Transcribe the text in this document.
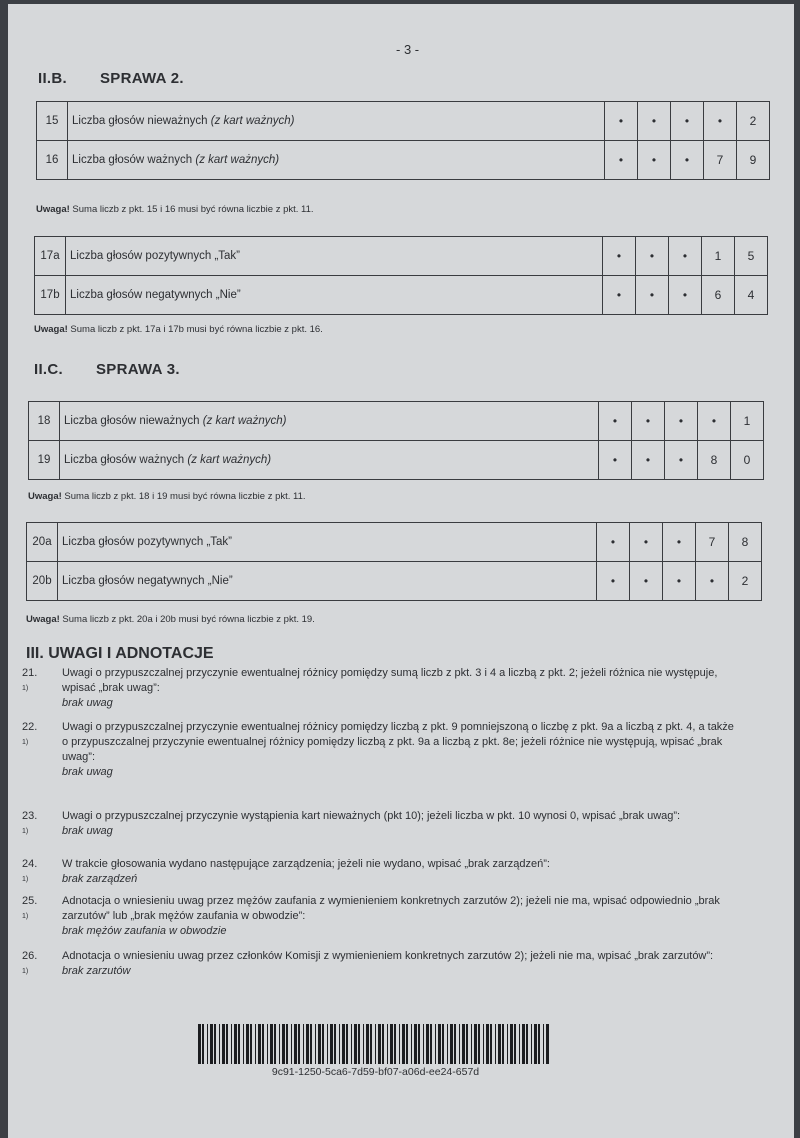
- 3 -
II.B. SPRAWA 2.
15	Liczba głosów nieważnych (z kart ważnych)	•	•	•	•	2
16	Liczba głosów ważnych (z kart ważnych)	•	•	•	7	9
Uwaga! Suma liczb z pkt. 15 i 16 musi być równa liczbie z pkt. 11.
17a	Liczba głosów pozytywnych „Tak”	•	•	•	1	5
17b	Liczba głosów negatywnych „Nie”	•	•	•	6	4
Uwaga! Suma liczb z pkt. 17a i 17b musi być równa liczbie z pkt. 16.
II.C. SPRAWA 3.
18	Liczba głosów nieważnych (z kart ważnych)	•	•	•	•	1
19	Liczba głosów ważnych (z kart ważnych)	•	•	•	8	0
Uwaga! Suma liczb z pkt. 18 i 19 musi być równa liczbie z pkt. 11.
20a	Liczba głosów pozytywnych „Tak”	•	•	•	7	8
20b	Liczba głosów negatywnych „Nie”	•	•	•	•	2
Uwaga! Suma liczb z pkt. 20a i 20b musi być równa liczbie z pkt. 19.
III. UWAGI I ADNOTACJE
21. $^{1)}$
Uwagi o przypuszczalnej przyczynie ewentualnej różnicy pomiędzy sumą liczb z pkt. 3 i 4 a liczbą z pkt. 2; jeżeli różnica nie występuje, wpisać „brak uwag”:
brak uwag
22. $^{1)}$
Uwagi o przypuszczalnej przyczynie ewentualnej różnicy pomiędzy liczbą z pkt. 9 pomniejszoną o liczbę z pkt. 9a a liczbą z pkt. 4, a także o przypuszczalnej przyczynie ewentualnej różnicy pomiędzy liczbą z pkt. 9a a liczbą z pkt. 8e; jeżeli różnice nie występują, wpisać „brak uwag”:
brak uwag
23. $^{1)}$
Uwagi o przypuszczalnej przyczynie wystąpienia kart nieważnych (pkt 10); jeżeli liczba w pkt. 10 wynosi 0, wpisać „brak uwag”:
brak uwag
24. $^{1)}$
W trakcie głosowania wydano następujące zarządzenia; jeżeli nie wydano, wpisać „brak zarządzeń”:
brak zarządzeń
25. $^{1)}$
Adnotacja o wniesieniu uwag przez mężów zaufania z wymienieniem konkretnych zarzutów 2); jeżeli nie ma, wpisać odpowiednio „brak zarzutów” lub „brak mężów zaufania w obwodzie”:
brak mężów zaufania w obwodzie
26. $^{1)}$
Adnotacja o wniesieniu uwag przez członków Komisji z wymienieniem konkretnych zarzutów 2); jeżeli nie ma, wpisać „brak zarzutów”:
brak zarzutów
9c91-1250-5ca6-7d59-bf07-a06d-ee24-657d
